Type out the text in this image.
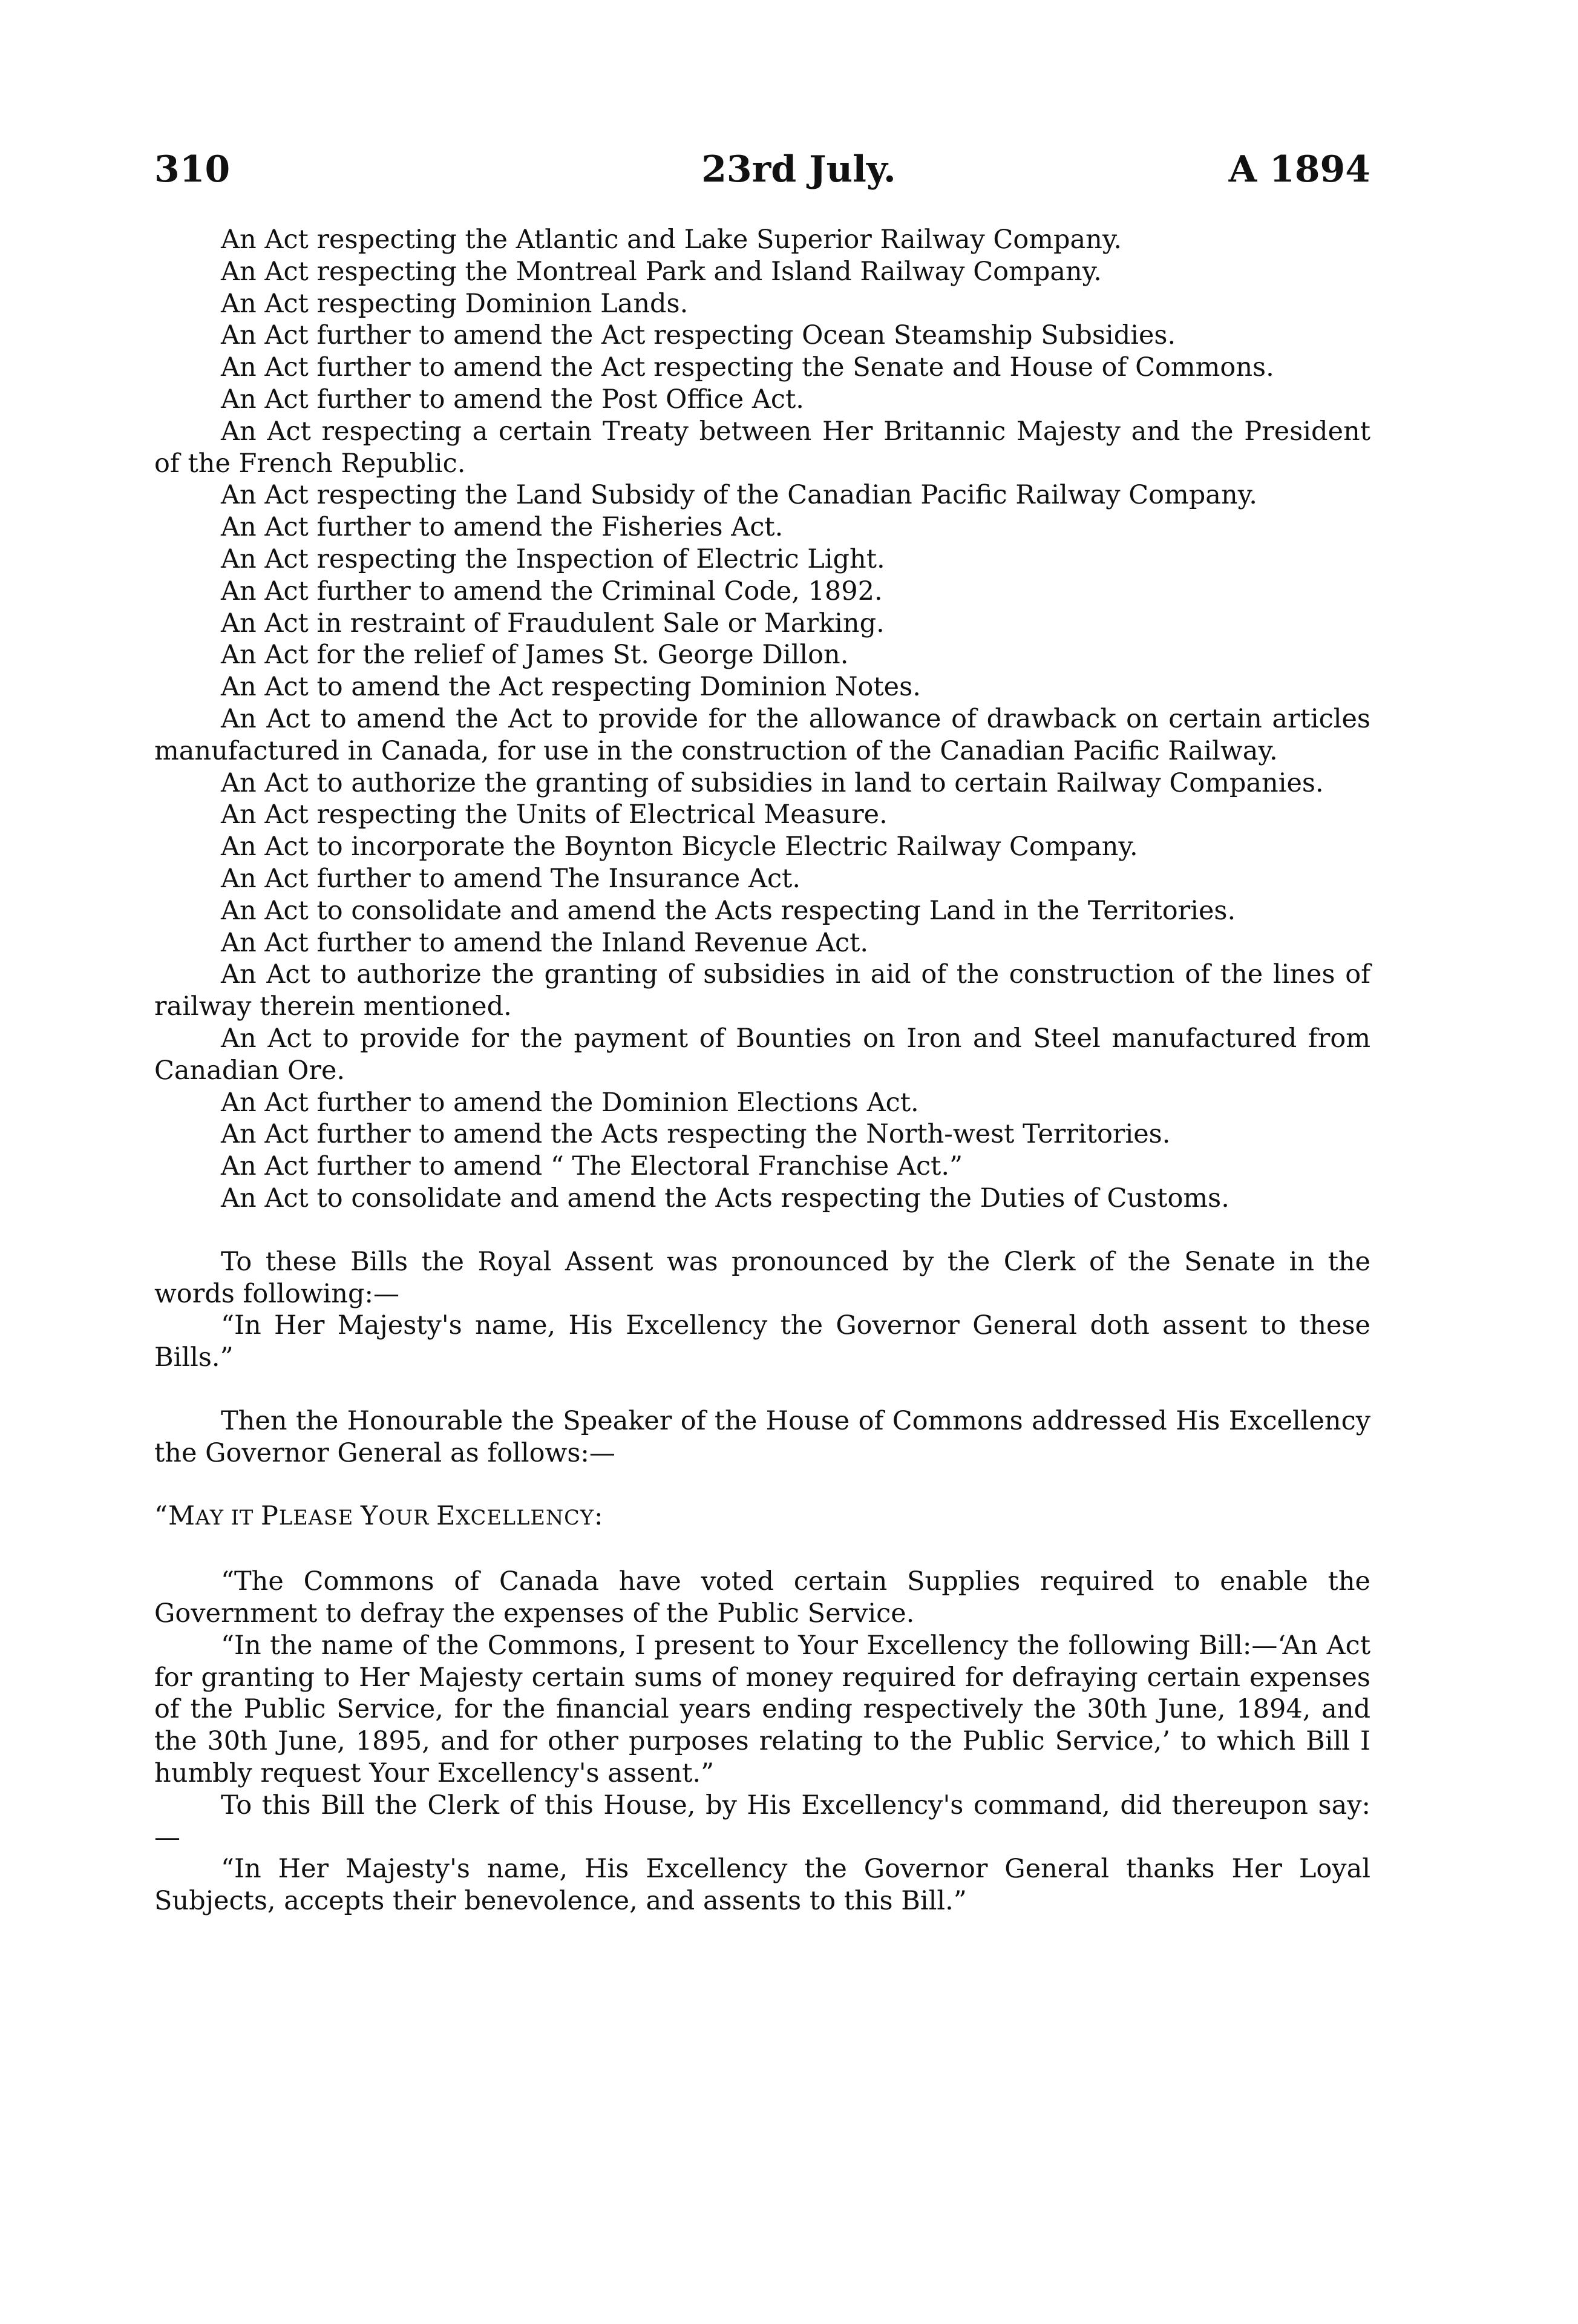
310	23rd July.	A 1894

An Act respecting the Atlantic and Lake Superior Railway Company.

An Act respecting the Montreal Park and Island Railway Company.

An Act respecting Dominion Lands.

An Act further to amend the Act respecting Ocean Steamship Subsidies.

An Act further to amend the Act respecting the Senate and House of Commons.

An Act further to amend the Post Office Act.

An Act respecting a certain Treaty between Her Britannic Majesty and the President of the French Republic.

An Act respecting the Land Subsidy of the Canadian Pacific Railway Company.

An Act further to amend the Fisheries Act.

An Act respecting the Inspection of Electric Light.

An Act further to amend the Criminal Code, 1892.

An Act in restraint of Fraudulent Sale or Marking.

An Act for the relief of James St. George Dillon.

An Act to amend the Act respecting Dominion Notes.

An Act to amend the Act to provide for the allowance of drawback on certain articles manufactured in Canada, for use in the construction of the Canadian Pacific Railway.

An Act to authorize the granting of subsidies in land to certain Railway Companies.

An Act respecting the Units of Electrical Measure.

An Act to incorporate the Boynton Bicycle Electric Railway Company.

An Act further to amend The Insurance Act.

An Act to consolidate and amend the Acts respecting Land in the Territories.

An Act further to amend the Inland Revenue Act.

An Act to authorize the granting of subsidies in aid of the construction of the lines of railway therein mentioned.

An Act to provide for the payment of Bounties on Iron and Steel manufactured from Canadian Ore.

An Act further to amend the Dominion Elections Act.

An Act further to amend the Acts respecting the North-west Territories.

An Act further to amend “ The Electoral Franchise Act.”

An Act to consolidate and amend the Acts respecting the Duties of Customs.

To these Bills the Royal Assent was pronounced by the Clerk of the Senate in the words following:—

“In Her Majesty's name, His Excellency the Governor General doth assent to these Bills.”

Then the Honourable the Speaker of the House of Commons addressed His Excellency the Governor General as follows:—

“MAY IT PLEASE YOUR EXCELLENCY:

“The Commons of Canada have voted certain Supplies required to enable the Government to defray the expenses of the Public Service.

“In the name of the Commons, I present to Your Excellency the following Bill:—‘An Act for granting to Her Majesty certain sums of money required for defraying certain expenses of the Public Service, for the financial years ending respectively the 30th June, 1894, and the 30th June, 1895, and for other purposes relating to the Public Service,’ to which Bill I humbly request Your Excellency's assent.”

To this Bill the Clerk of this House, by His Excellency's command, did thereupon say:—

“In Her Majesty's name, His Excellency the Governor General thanks Her Loyal Subjects, accepts their benevolence, and assents to this Bill.”
